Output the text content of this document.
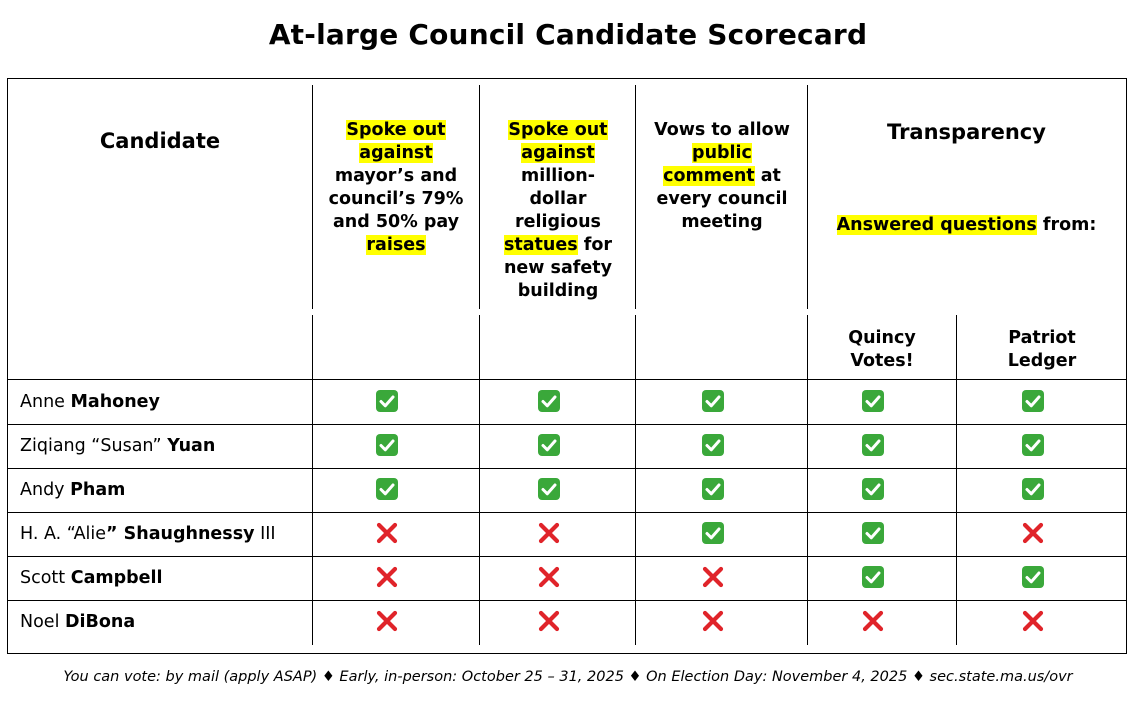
At-large Council Candidate Scorecard
Candidate	Spoke out against mayor’s and council’s 79% and 50% pay raises
Spoke out against million-dollar religious statues for new safety building
Vows to allow public comment at every council meeting
Transparency
Answered questions from:
Quincy Votes!
Patriot Ledger
Anne Mahoney
Ziqiang “Susan” Yuan
Andy Pham
H. A. “Alie” Shaughnessy III
Scott Campbell
Noel DiBona
You can vote: by mail (apply ASAP) ♦ Early, in-person: October 25 – 31, 2025 ♦ On Election Day: November 4, 2025 ♦ sec.state.ma.us/ovr
